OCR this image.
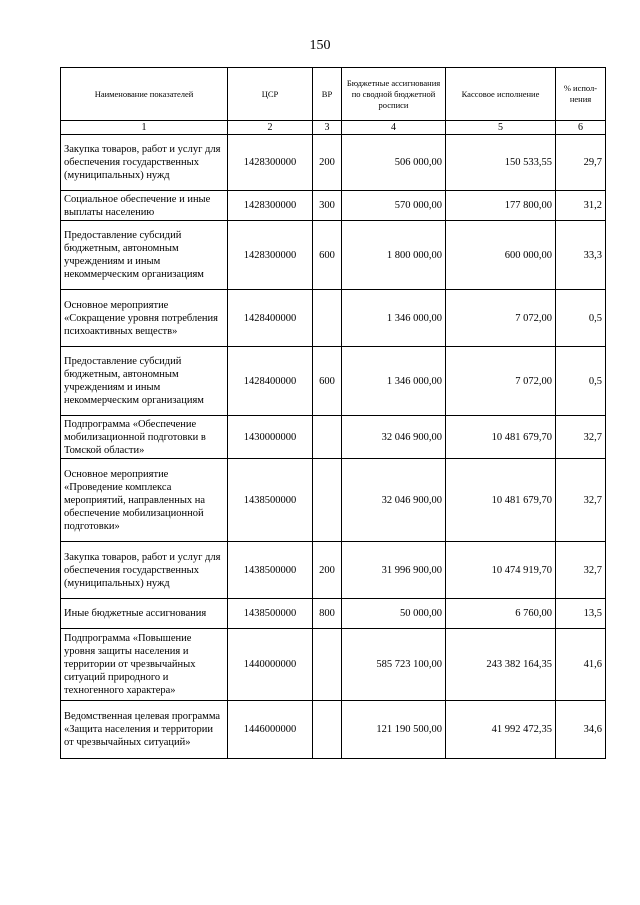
150
Наименование показателей	ЦСР	ВР	Бюджетные ассигнования по сводной бюджетной росписи	Кассовое исполнение	% испол-нения
1	2	3	4	5	6
Закупка товаров, работ и услуг для обеспечения государственных (муниципальных) нужд	1428300000	200	506 000,00	150 533,55	29,7
Социальное обеспечение и иные выплаты населению	1428300000	300	570 000,00	177 800,00	31,2
Предоставление субсидий бюджетным, автономным учреждениям и иным некоммерческим организациям	1428300000	600	1 800 000,00	600 000,00	33,3
Основное мероприятие «Сокращение уровня потребления психоактивных веществ»	1428400000		1 346 000,00	7 072,00	0,5
Предоставление субсидий бюджетным, автономным учреждениям и иным некоммерческим организациям	1428400000	600	1 346 000,00	7 072,00	0,5
Подпрограмма «Обеспечение мобилизационной подготовки в Томской области»	1430000000		32 046 900,00	10 481 679,70	32,7
Основное мероприятие «Проведение комплекса мероприятий, направленных на обеспечение мобилизационной подготовки»	1438500000		32 046 900,00	10 481 679,70	32,7
Закупка товаров, работ и услуг для обеспечения государственных (муниципальных) нужд	1438500000	200	31 996 900,00	10 474 919,70	32,7
Иные бюджетные ассигнования	1438500000	800	50 000,00	6 760,00	13,5
Подпрограмма «Повышение уровня защиты населения и территории от чрезвычайных ситуаций природного и техногенного характера»	1440000000		585 723 100,00	243 382 164,35	41,6
Ведомственная целевая программа «Защита населения и территории от чрезвычайных ситуаций»	1446000000		121 190 500,00	41 992 472,35	34,6
